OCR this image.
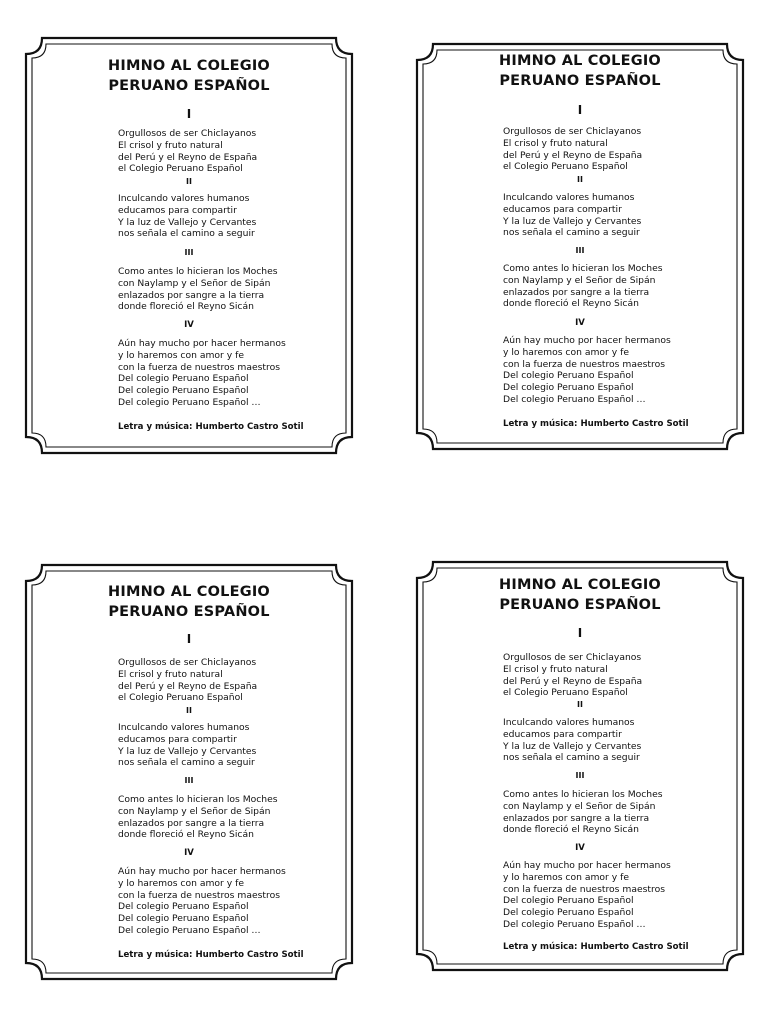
HIMNO AL COLEGIO
PERUANO ESPAÑOL
I
Orgullosos de ser Chiclayanos
El crisol y fruto natural
del Perú y el Reyno de España
el Colegio Peruano Español
II
Inculcando valores humanos
educamos para compartir
Y la luz de Vallejo y Cervantes
nos señala el camino a seguir
III
Como antes lo hicieran los Moches
con Naylamp y el Señor de Sipán
enlazados por sangre a la tierra
donde floreció el Reyno Sicán
IV
Aún hay mucho por hacer hermanos
y lo haremos con amor y fe
con la fuerza de nuestros maestros
Del colegio Peruano Español
Del colegio Peruano Español
Del colegio Peruano Español …
Letra y música: Humberto Castro Sotil
HIMNO AL COLEGIO
PERUANO ESPAÑOL
I
Orgullosos de ser Chiclayanos
El crisol y fruto natural
del Perú y el Reyno de España
el Colegio Peruano Español
II
Inculcando valores humanos
educamos para compartir
Y la luz de Vallejo y Cervantes
nos señala el camino a seguir
III
Como antes lo hicieran los Moches
con Naylamp y el Señor de Sipán
enlazados por sangre a la tierra
donde floreció el Reyno Sicán
IV
Aún hay mucho por hacer hermanos
y lo haremos con amor y fe
con la fuerza de nuestros maestros
Del colegio Peruano Español
Del colegio Peruano Español
Del colegio Peruano Español …
Letra y música: Humberto Castro Sotil
HIMNO AL COLEGIO
PERUANO ESPAÑOL
I
Orgullosos de ser Chiclayanos
El crisol y fruto natural
del Perú y el Reyno de España
el Colegio Peruano Español
II
Inculcando valores humanos
educamos para compartir
Y la luz de Vallejo y Cervantes
nos señala el camino a seguir
III
Como antes lo hicieran los Moches
con Naylamp y el Señor de Sipán
enlazados por sangre a la tierra
donde floreció el Reyno Sicán
IV
Aún hay mucho por hacer hermanos
y lo haremos con amor y fe
con la fuerza de nuestros maestros
Del colegio Peruano Español
Del colegio Peruano Español
Del colegio Peruano Español …
Letra y música: Humberto Castro Sotil
HIMNO AL COLEGIO
PERUANO ESPAÑOL
I
Orgullosos de ser Chiclayanos
El crisol y fruto natural
del Perú y el Reyno de España
el Colegio Peruano Español
II
Inculcando valores humanos
educamos para compartir
Y la luz de Vallejo y Cervantes
nos señala el camino a seguir
III
Como antes lo hicieran los Moches
con Naylamp y el Señor de Sipán
enlazados por sangre a la tierra
donde floreció el Reyno Sicán
IV
Aún hay mucho por hacer hermanos
y lo haremos con amor y fe
con la fuerza de nuestros maestros
Del colegio Peruano Español
Del colegio Peruano Español
Del colegio Peruano Español …
Letra y música: Humberto Castro Sotil
